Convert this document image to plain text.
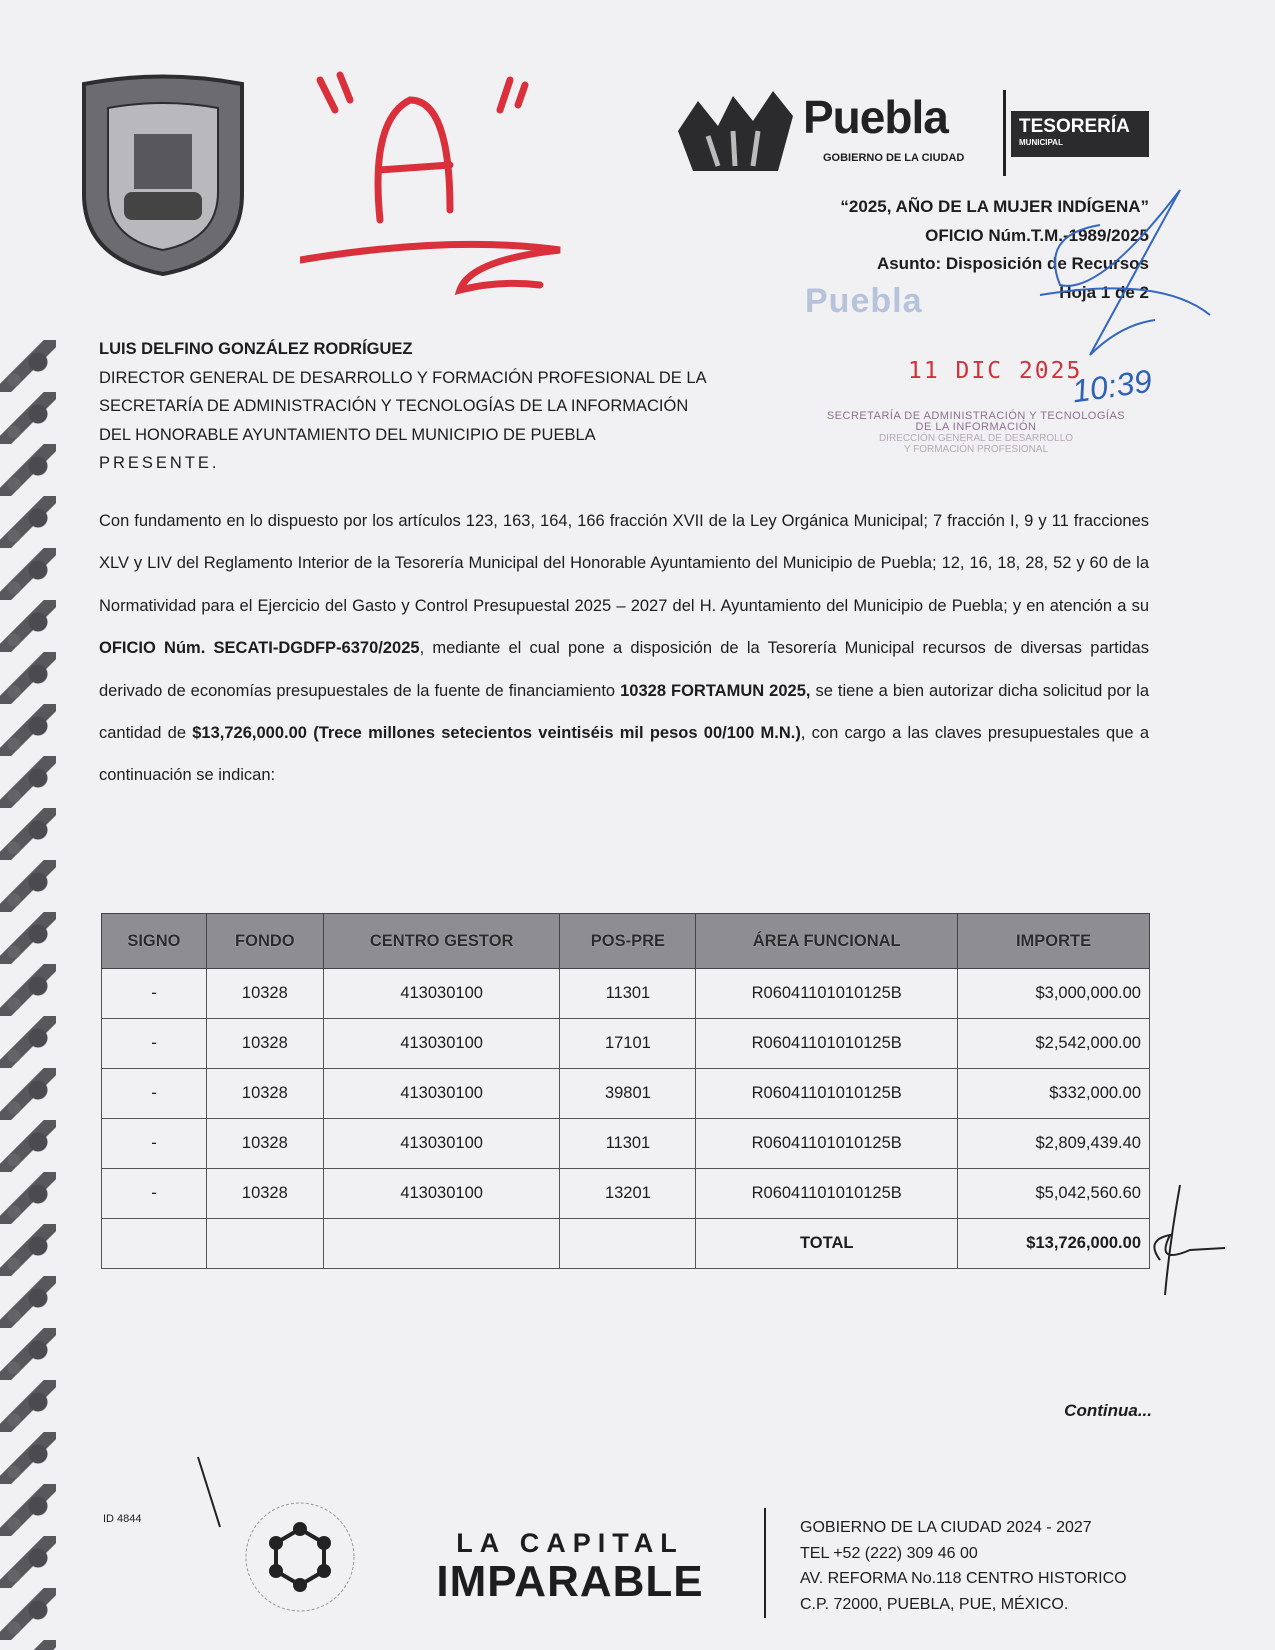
Puebla
GOBIERNO DE LA CIUDAD
TESORERÍA
MUNICIPAL
“2025, AÑO DE LA MUJER INDÍGENA”
OFICIO Núm.T.M.-1989/2025
Asunto: Disposición de Recursos
Hoja 1 de 2
Puebla
11 DIC 2025
10:39
SECRETARÍA DE ADMINISTRACIÓN Y TECNOLOGÍAS
DE LA INFORMACIÓN
DIRECCIÓN GENERAL DE DESARROLLO
Y FORMACIÓN PROFESIONAL
LUIS DELFINO GONZÁLEZ RODRÍGUEZ
DIRECTOR GENERAL DE DESARROLLO Y FORMACIÓN PROFESIONAL DE LA
SECRETARÍA DE ADMINISTRACIÓN Y TECNOLOGÍAS DE LA INFORMACIÓN
DEL HONORABLE AYUNTAMIENTO DEL MUNICIPIO DE PUEBLA
PRESENTE.
Con fundamento en lo dispuesto por los artículos 123, 163, 164, 166 fracción XVII de la Ley Orgánica Municipal; 7 fracción I, 9 y 11 fracciones XLV y LIV del Reglamento Interior de la Tesorería Municipal del Honorable Ayuntamiento del Municipio de Puebla; 12, 16, 18, 28, 52 y 60 de la Normatividad para el Ejercicio del Gasto y Control Presupuestal 2025 – 2027 del H. Ayuntamiento del Municipio de Puebla; y en atención a su OFICIO Núm. SECATI-DGDFP-6370/2025, mediante el cual pone a disposición de la Tesorería Municipal recursos de diversas partidas derivado de economías presupuestales de la fuente de financiamiento 10328 FORTAMUN 2025, se tiene a bien autorizar dicha solicitud por la cantidad de $13,726,000.00 (Trece millones setecientos veintiséis mil pesos 00/100 M.N.), con cargo a las claves presupuestales que a continuación se indican:
SIGNO	FONDO	CENTRO GESTOR	POS-PRE	ÁREA FUNCIONAL	IMPORTE
-	10328	413030100	11301	R06041101010125B	$3,000,000.00
-	10328	413030100	17101	R06041101010125B	$2,542,000.00
-	10328	413030100	39801	R06041101010125B	$332,000.00
-	10328	413030100	11301	R06041101010125B	$2,809,439.40
-	10328	413030100	13201	R06041101010125B	$5,042,560.60
				TOTAL	$13,726,000.00
Continua...
ID 4844
LA CAPITAL
IMPARABLE
GOBIERNO DE LA CIUDAD 2024 - 2027
TEL +52 (222) 309 46 00
AV. REFORMA No.118 CENTRO HISTORICO
C.P. 72000, PUEBLA, PUE, MÉXICO.
